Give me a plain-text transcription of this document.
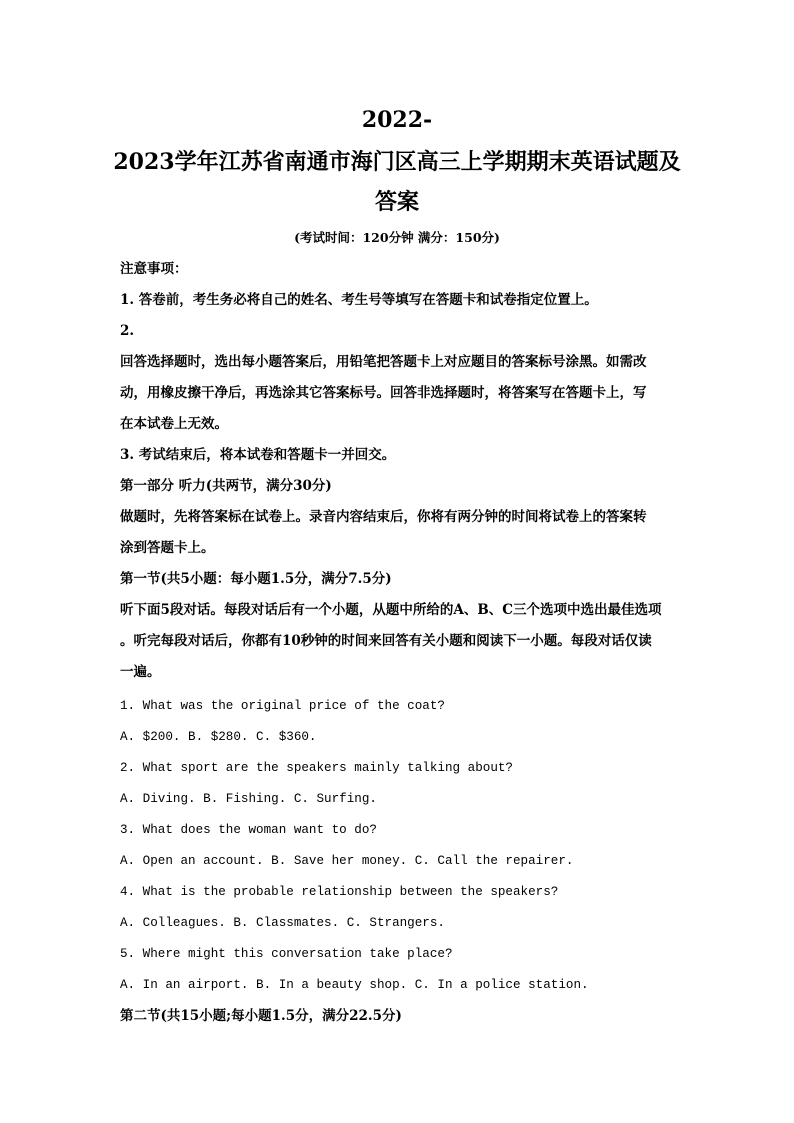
2022-
2023学年江苏省南通市海门区高三上学期期末英语试题及
答案
(考试时间：120分钟 满分：150分)
注意事项：
1. 答卷前，考生务必将自己的姓名、考生号等填写在答题卡和试卷指定位置上。
2.
回答选择题时，选出每小题答案后，用铅笔把答题卡上对应题目的答案标号涂黑。如需改
动，用橡皮擦干净后，再选涂其它答案标号。回答非选择题时，将答案写在答题卡上，写
在本试卷上无效。
3. 考试结束后，将本试卷和答题卡一并回交。
第一部分 听力(共两节，满分30分)
做题时，先将答案标在试卷上。录音内容结束后，你将有两分钟的时间将试卷上的答案转
涂到答题卡上。
第一节(共5小题：每小题1.5分，满分7.5分)
听下面5段对话。每段对话后有一个小题，从题中所给的A、B、C三个选项中选出最佳选项
。听完每段对话后，你都有10秒钟的时间来回答有关小题和阅读下一小题。每段对话仅读
一遍。
1. What was the original price of the coat?
A. $200. B. $280. C. $360.
2. What sport are the speakers mainly talking about?
A. Diving. B. Fishing. C. Surfing.
3. What does the woman want to do?
A. Open an account. B. Save her money. C. Call the repairer.
4. What is the probable relationship between the speakers?
A. Colleagues. B. Classmates. C. Strangers.
5. Where might this conversation take place?
A. In an airport. B. In a beauty shop. C. In a police station.
第二节(共15小题;每小题1.5分，满分22.5分)
